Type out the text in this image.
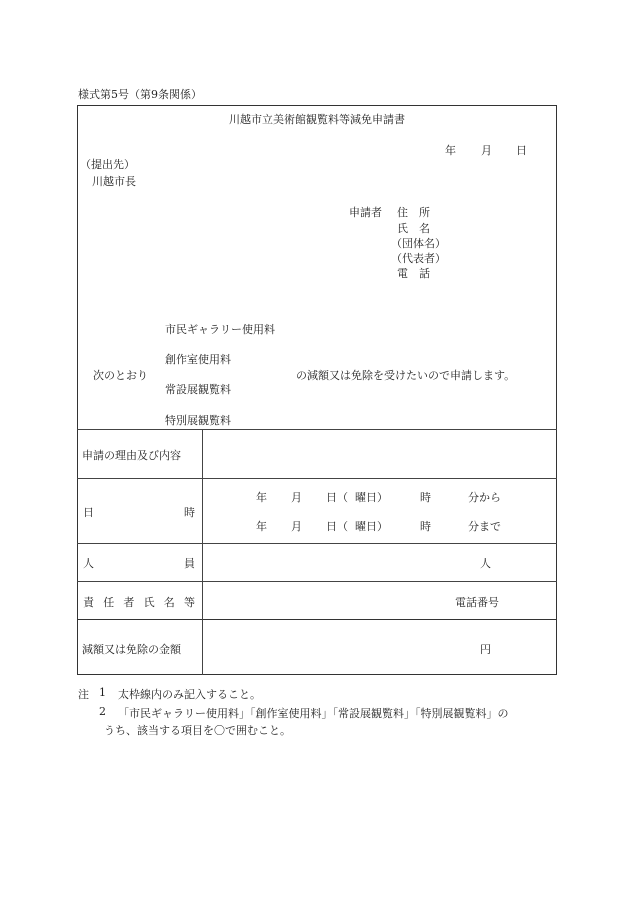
様式第5号（第9条関係）
川越市立美術館観覧料等減免申請書
年 月 日
（提出先）
川越市長
申請者 住　所
氏　名
（団体名）
（代表者）
電　話
市民ギャラリー使用料
創作室使用料
次のとおり	の減額又は免除を受けたいので申請します。
常設展観覧料
特別展観覧料
申請の理由及び内容
日	時
年 月 日（ 曜日）	時	分から
年 月 日（ 曜日）	時	分まで
人	員	人
責 任 者 氏 名 等	電話番号
減額又は免除の金額	円
注 1 太枠線内のみ記入すること。
2 「市民ギャラリー使用料」「創作室使用料」「常設展観覧料」「特別展観覧料」の
うち、該当する項目を〇で囲むこと。
